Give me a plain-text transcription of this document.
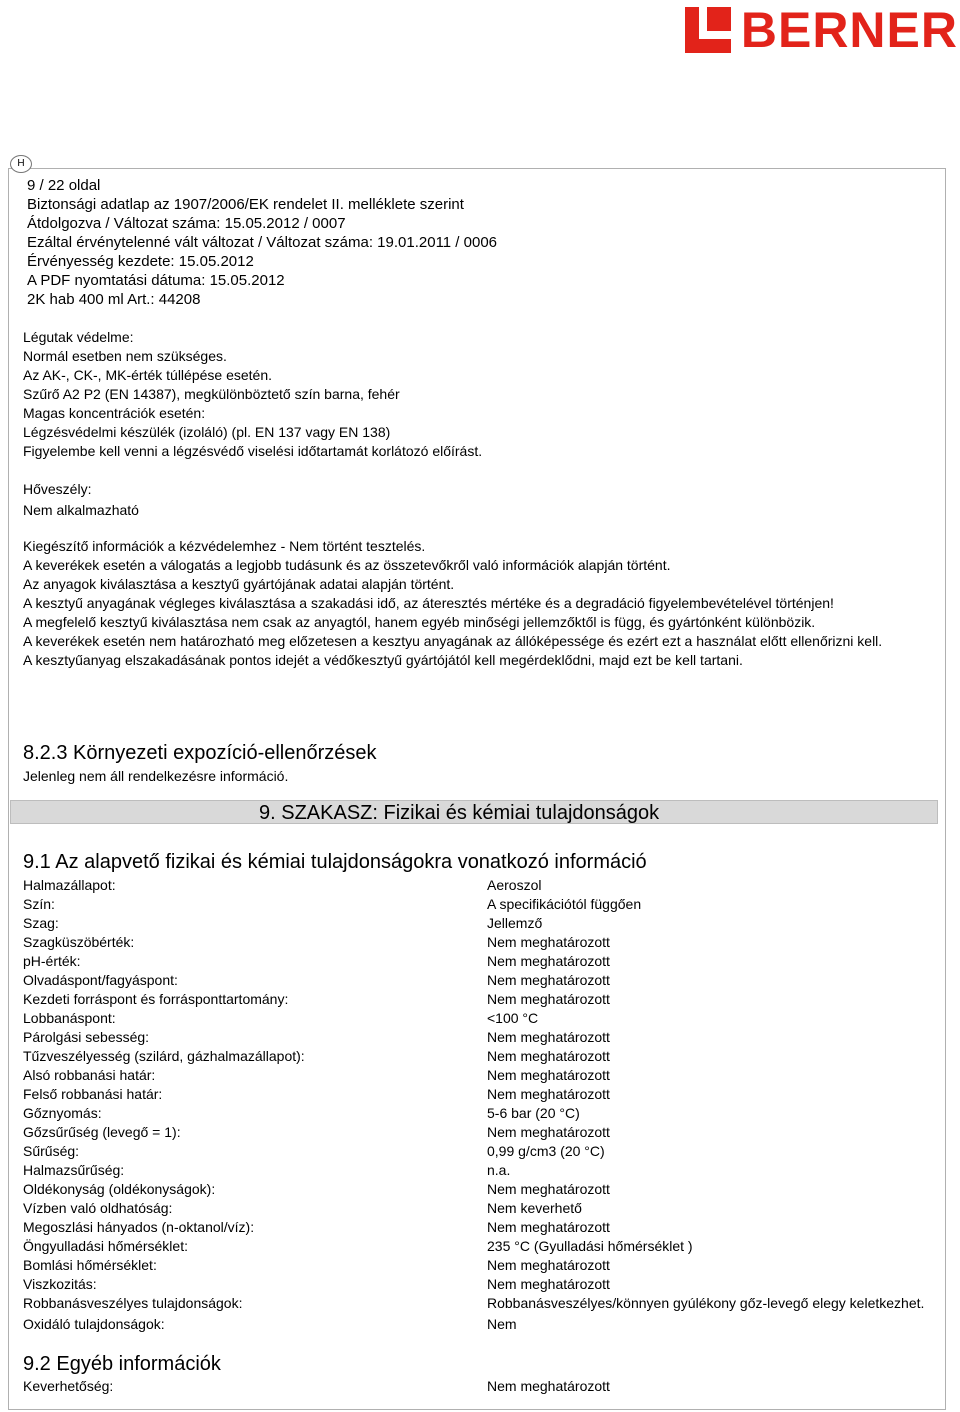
BERNER
H
9 / 22 oldal
Biztonsági adatlap az 1907/2006/EK rendelet II. melléklete szerint
Átdolgozva / Változat száma: 15.05.2012 / 0007
Ezáltal érvénytelenné vált változat / Változat száma: 19.01.2011 / 0006
Érvényesség kezdete: 15.05.2012
A PDF nyomtatási dátuma: 15.05.2012
2K hab 400 ml Art.: 44208
Légutak védelme:
Normál esetben nem szükséges.
Az AK-, CK-, MK-érték túllépése esetén.
Szűrő A2 P2 (EN 14387), megkülönböztető szín barna, fehér
Magas koncentrációk esetén:
Légzésvédelmi készülék (izoláló) (pl. EN 137 vagy EN 138)
Figyelembe kell venni a légzésvédő viselési időtartamát korlátozó előírást.
Hőveszély:
Nem alkalmazható
Kiegészítő információk a kézvédelemhez - Nem történt tesztelés.
A keverékek esetén a válogatás a legjobb tudásunk és az összetevőkről való információk alapján történt.
Az anyagok kiválasztása a kesztyű gyártójának adatai alapján történt.
A kesztyű anyagának végleges kiválasztása a szakadási idő, az áteresztés mértéke és a degradáció figyelembevételével történjen!
A megfelelő kesztyű kiválasztása nem csak az anyagtól, hanem egyéb minőségi jellemzőktől is függ, és gyártónként különbözik.
A keverékek esetén nem határozható meg előzetesen a kesztyu anyagának az állóképessége és ezért ezt a használat előtt ellenőrizni kell.
A kesztyűanyag elszakadásának pontos idejét a védőkesztyű gyártójától kell megérdeklődni, majd ezt be kell tartani.
8.2.3 Környezeti expozíció-ellenőrzések
Jelenleg nem áll rendelkezésre információ.
9. SZAKASZ: Fizikai és kémiai tulajdonságok
9.1 Az alapvető fizikai és kémiai tulajdonságokra vonatkozó információ
Halmazállapot:	Aeroszol
Szín:	A specifikációtól függően
Szag:	Jellemző
Szagküszöbérték:	Nem meghatározott
pH-érték:	Nem meghatározott
Olvadáspont/fagyáspont:	Nem meghatározott
Kezdeti forráspont és forrásponttartomány:	Nem meghatározott
Lobbanáspont:	<100 °C
Párolgási sebesség:	Nem meghatározott
Tűzveszélyesség (szilárd, gázhalmazállapot):	Nem meghatározott
Alsó robbanási határ:	Nem meghatározott
Felső robbanási határ:	Nem meghatározott
Gőznyomás:	5-6 bar (20 °C)
Gőzsűrűség (levegő = 1):	Nem meghatározott
Sűrűség:	0,99 g/cm3 (20 °C)
Halmazsűrűség:	n.a.
Oldékonyság (oldékonyságok):	Nem meghatározott
Vízben való oldhatóság:	Nem keverhető
Megoszlási hányados (n-oktanol/víz):	Nem meghatározott
Öngyulladási hőmérséklet:	235 °C (Gyulladási hőmérséklet )
Bomlási hőmérséklet:	Nem meghatározott
Viszkozitás:	Nem meghatározott
Robbanásveszélyes tulajdonságok:	Robbanásveszélyes/könnyen gyúlékony gőz-levegő elegy keletkezhet.
Oxidáló tulajdonságok:	Nem
9.2 Egyéb információk
Keverhetőség:	Nem meghatározott
